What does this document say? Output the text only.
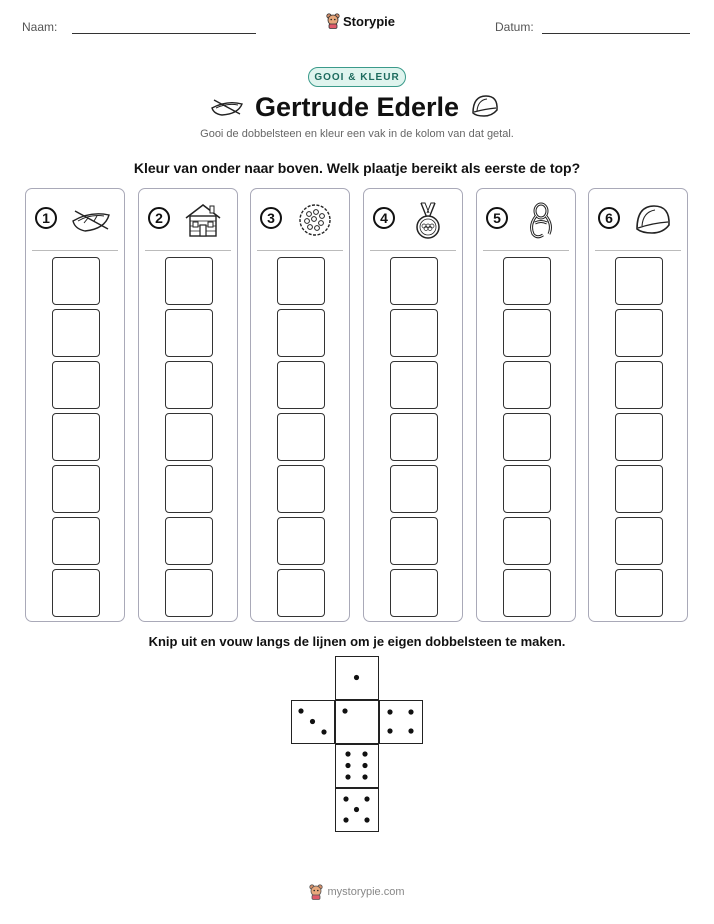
Naam:	Storypie	Datum:
GOOI & KLEUR
Gertrude Ederle
Gooi de dobbelsteen en kleur een vak in de kolom van dat getal.
Kleur van onder naar boven. Welk plaatje bereikt als eerste de top?
1	2	3	4	5	6
Knip uit en vouw langs de lijnen om je eigen dobbelsteen te maken.
mystorypie.com
